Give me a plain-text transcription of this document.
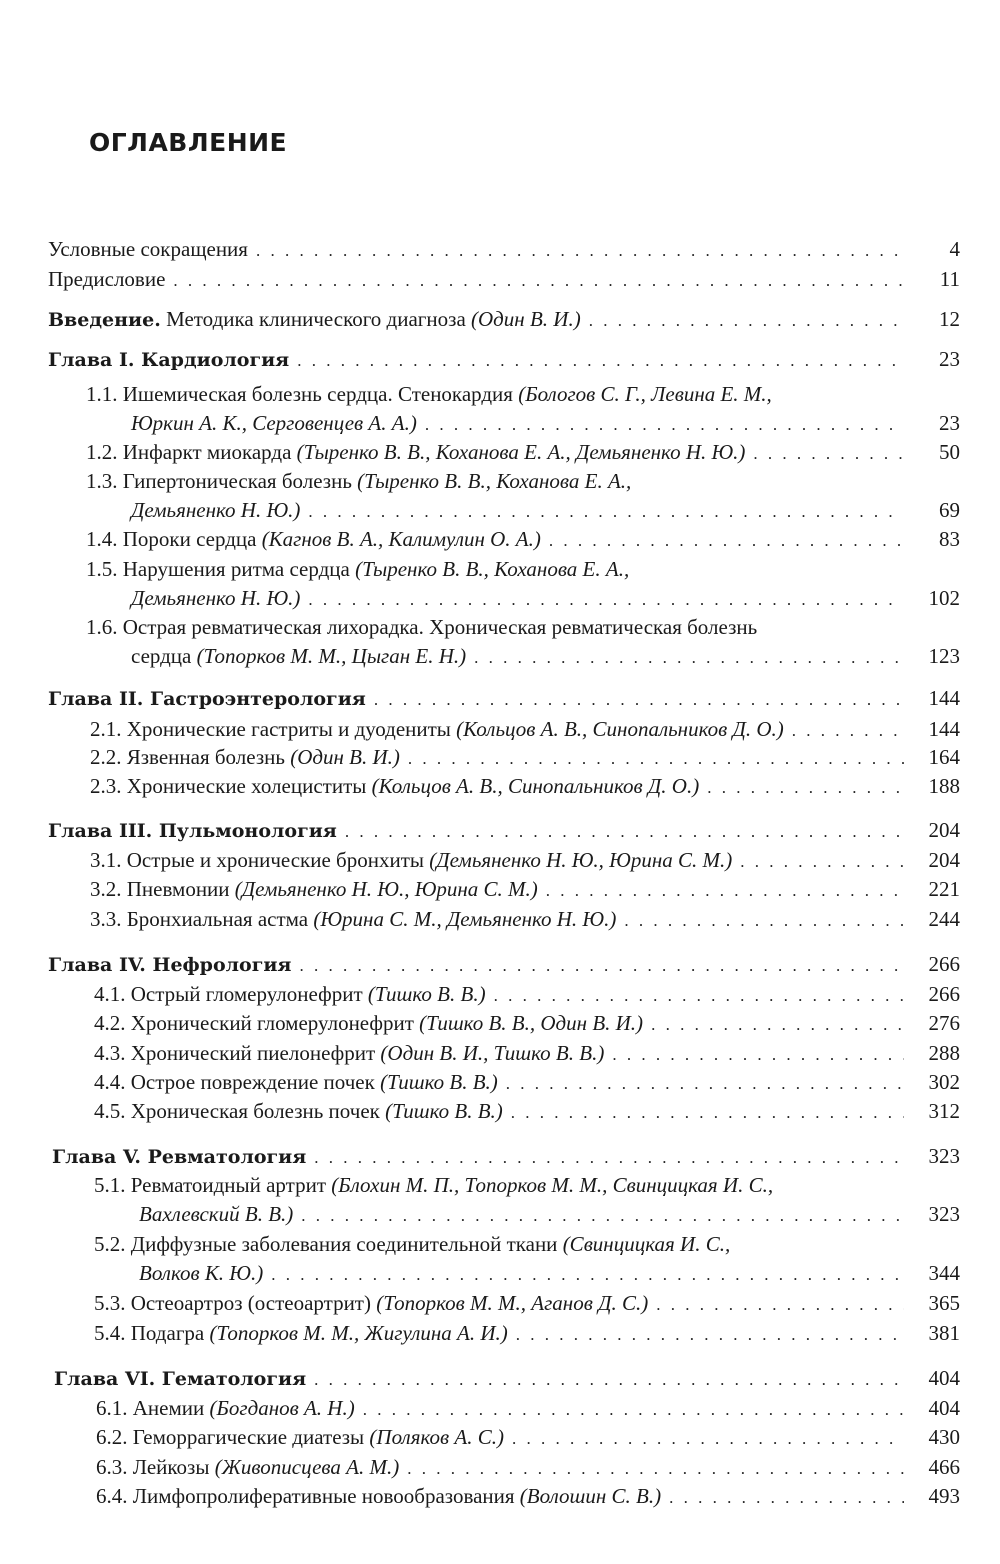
ОГЛАВЛЕНИЕ
Условные сокращения . . .	4
Предисловие . . .	11
Введение. Методика клинического диагноза (Один В. И.) . . .	12
Глава I. Кардиология . . .	23
1.1. Ишемическая болезнь сердца. Стенокардия (Бологов С. Г., Левина Е. М.,
Юркин А. К., Серговенцев А. А.) . . .	23
1.2. Инфаркт миокарда (Тыренко В. В., Коханова Е. А., Демьяненко Н. Ю.) . . .	50
1.3. Гипертоническая болезнь (Тыренко В. В., Коханова Е. А.,
Демьяненко Н. Ю.) . . .	69
1.4. Пороки сердца (Кагнов В. А., Калимулин О. А.) . . .	83
1.5. Нарушения ритма сердца (Тыренко В. В., Коханова Е. А.,
Демьяненко Н. Ю.) . . .	102
1.6. Острая ревматическая лихорадка. Хроническая ревматическая болезнь
сердца (Топорков М. М., Цыган Е. Н.) . . .	123
Глава II. Гастроэнтерология . . .	144
2.1. Хронические гастриты и дуодениты (Кольцов А. В., Синопальников Д. О.) . . .	144
2.2. Язвенная болезнь (Один В. И.) . . .	164
2.3. Хронические холециститы (Кольцов А. В., Синопальников Д. О.) . . .	188
Глава III. Пульмонология . . .	204
3.1. Острые и хронические бронхиты (Демьяненко Н. Ю., Юрина С. М.) . . .	204
3.2. Пневмонии (Демьяненко Н. Ю., Юрина С. М.) . . .	221
3.3. Бронхиальная астма (Юрина С. М., Демьяненко Н. Ю.) . . .	244
Глава IV. Нефрология . . .	266
4.1. Острый гломерулонефрит (Тишко В. В.) . . .	266
4.2. Хронический гломерулонефрит (Тишко В. В., Один В. И.) . . .	276
4.3. Хронический пиелонефрит (Один В. И., Тишко В. В.) . . .	288
4.4. Острое повреждение почек (Тишко В. В.) . . .	302
4.5. Хроническая болезнь почек (Тишко В. В.) . . .	312
Глава V. Ревматология . . .	323
5.1. Ревматоидный артрит (Блохин М. П., Топорков М. М., Свинцицкая И. С.,
Вахлевский В. В.) . . .	323
5.2. Диффузные заболевания соединительной ткани (Свинцицкая И. С.,
Волков К. Ю.) . . .	344
5.3. Остеоартроз (остеоартрит) (Топорков М. М., Аганов Д. С.) . . .	365
5.4. Подагра (Топорков М. М., Жигулина А. И.) . . .	381
Глава VI. Гематология . . .	404
6.1. Анемии (Богданов А. Н.) . . .	404
6.2. Геморрагические диатезы (Поляков А. С.) . . .	430
6.3. Лейкозы (Живописцева А. М.) . . .	466
6.4. Лимфопролиферативные новообразования (Волошин С. В.) . . .	493
